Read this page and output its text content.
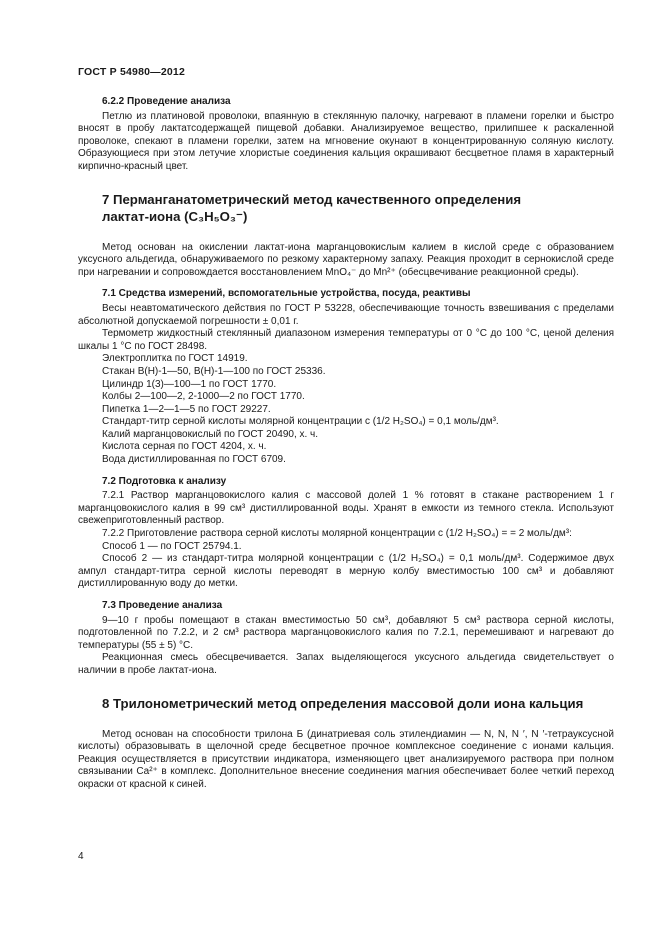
ГОСТ Р 54980—2012

6.2.2 Проведение анализа

Петлю из платиновой проволоки, впаянную в стеклянную палочку, нагревают в пламени горелки и быстро вносят в пробу лактатсодержащей пищевой добавки. Анализируемое вещество, прилипшее к раскаленной проволоке, спекают в пламени горелки, затем на мгновение окунают в концентрированную соляную кислоту. Образующиеся при этом летучие хлористые соединения кальция окрашивают бесцветное пламя в характерный кирпично-красный цвет.

7 Перманганатометрический метод качественного определения
лактат-иона (C₃H₅O₃⁻)

Метод основан на окислении лактат-иона марганцовокислым калием в кислой среде с образованием уксусного альдегида, обнаруживаемого по резкому характерному запаху. Реакция проходит в сернокислой среде при нагревании и сопровождается восстановлением MnO₄⁻ до Mn²⁺ (обесцвечивание реакционной среды).

7.1 Средства измерений, вспомогательные устройства, посуда, реактивы

Весы неавтоматического действия по ГОСТ Р 53228, обеспечивающие точность взвешивания с пределами абсолютной допускаемой погрешности ± 0,01 г.

Термометр жидкостный стеклянный диапазоном измерения температуры от 0 °С до 100 °С, ценой деления шкалы 1 °С по ГОСТ 28498.

Электроплитка по ГОСТ 14919.

Стакан В(Н)-1—50, В(Н)-1—100 по ГОСТ 25336.

Цилиндр 1(3)—100—1 по ГОСТ 1770.

Колбы 2—100—2, 2-1000—2 по ГОСТ 1770.

Пипетка 1—2—1—5 по ГОСТ 29227.

Стандарт-титр серной кислоты молярной концентрации c (1/2 H₂SO₄) = 0,1 моль/дм³.

Калий марганцовокислый по ГОСТ 20490, х. ч.

Кислота серная по ГОСТ 4204, х. ч.

Вода дистиллированная по ГОСТ 6709.

7.2 Подготовка к анализу

7.2.1 Раствор марганцовокислого калия с массовой долей 1 % готовят в стакане растворением 1 г марганцовокислого калия в 99 см³ дистиллированной воды. Хранят в емкости из темного стекла. Используют свежеприготовленный раствор.

7.2.2 Приготовление раствора серной кислоты молярной концентрации c (1/2 H₂SO₄) = = 2 моль/дм³:

Способ 1 — по ГОСТ 25794.1.

Способ 2 — из стандарт-титра молярной концентрации c (1/2 H₂SO₄) = 0,1 моль/дм³. Содержимое двух ампул стандарт-титра серной кислоты переводят в мерную колбу вместимостью 100 см³ и добавляют дистиллированную воду до метки.

7.3 Проведение анализа

9—10 г пробы помещают в стакан вместимостью 50 см³, добавляют 5 см³ раствора серной кислоты, подготовленной по 7.2.2, и 2 см³ раствора марганцовокислого калия по 7.2.1, перемешивают и нагревают до температуры (55 ± 5) °С.

Реакционная смесь обесцвечивается. Запах выделяющегося уксусного альдегида свидетельствует о наличии в пробе лактат-иона.

8 Трилонометрический метод определения массовой доли иона кальция

Метод основан на способности трилона Б (динатриевая соль этилендиамин — N, N, N ′, N ′-тетрауксусной кислоты) образовывать в щелочной среде бесцветное прочное комплексное соединение с ионами кальция. Реакция осуществляется в присутствии индикатора, изменяющего цвет анализируемого раствора при полном связывании Ca²⁺ в комплекс. Дополнительное внесение соединения магния обеспечивает более четкий переход окраски от красной к синей.

4
